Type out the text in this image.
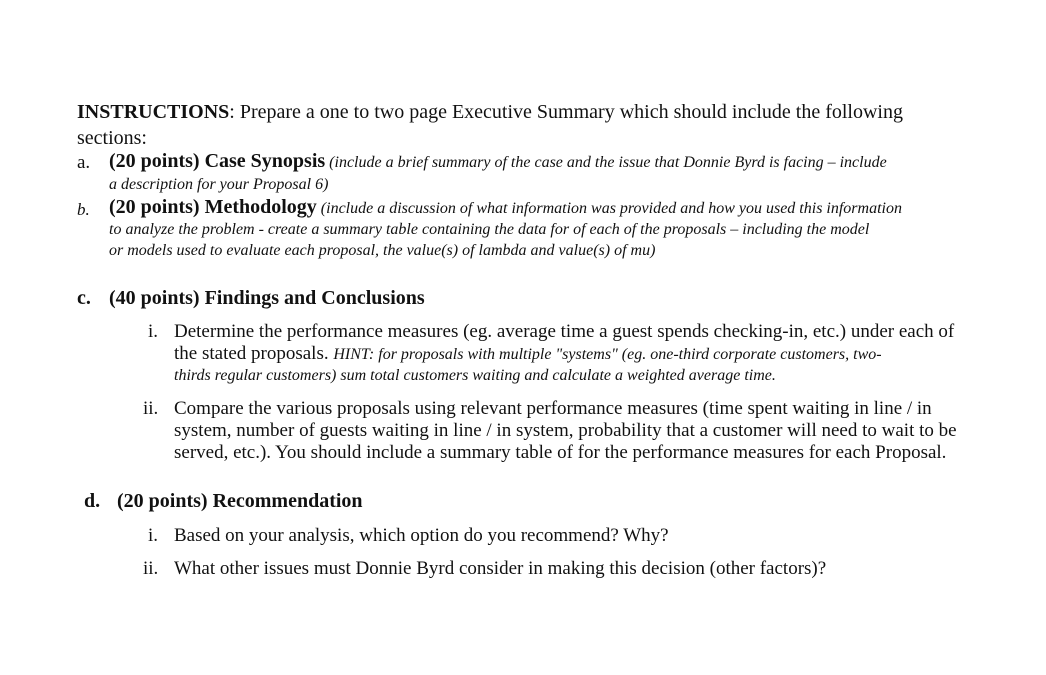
INSTRUCTIONS: Prepare a one to two page Executive Summary which should include the following
sections:
a. (20 points) Case Synopsis (include a brief summary of the case and the issue that Donnie Byrd is facing – include
a description for your Proposal 6)
b. (20 points) Methodology (include a discussion of what information was provided and how you used this information
to analyze the problem - create a summary table containing the data for of each of the proposals – including the model
or models used to evaluate each proposal, the value(s) of lambda and value(s) of mu)
c. (40 points) Findings and Conclusions
i. Determine the performance measures (eg. average time a guest spends checking-in, etc.) under each of
the stated proposals. HINT: for proposals with multiple "systems" (eg. one-third corporate customers, two-
thirds regular customers) sum total customers waiting and calculate a weighted average time.
ii. Compare the various proposals using relevant performance measures (time spent waiting in line / in
system, number of guests waiting in line / in system, probability that a customer will need to wait to be
served, etc.). You should include a summary table of for the performance measures for each Proposal.
d. (20 points) Recommendation
i. Based on your analysis, which option do you recommend? Why?
ii. What other issues must Donnie Byrd consider in making this decision (other factors)?
